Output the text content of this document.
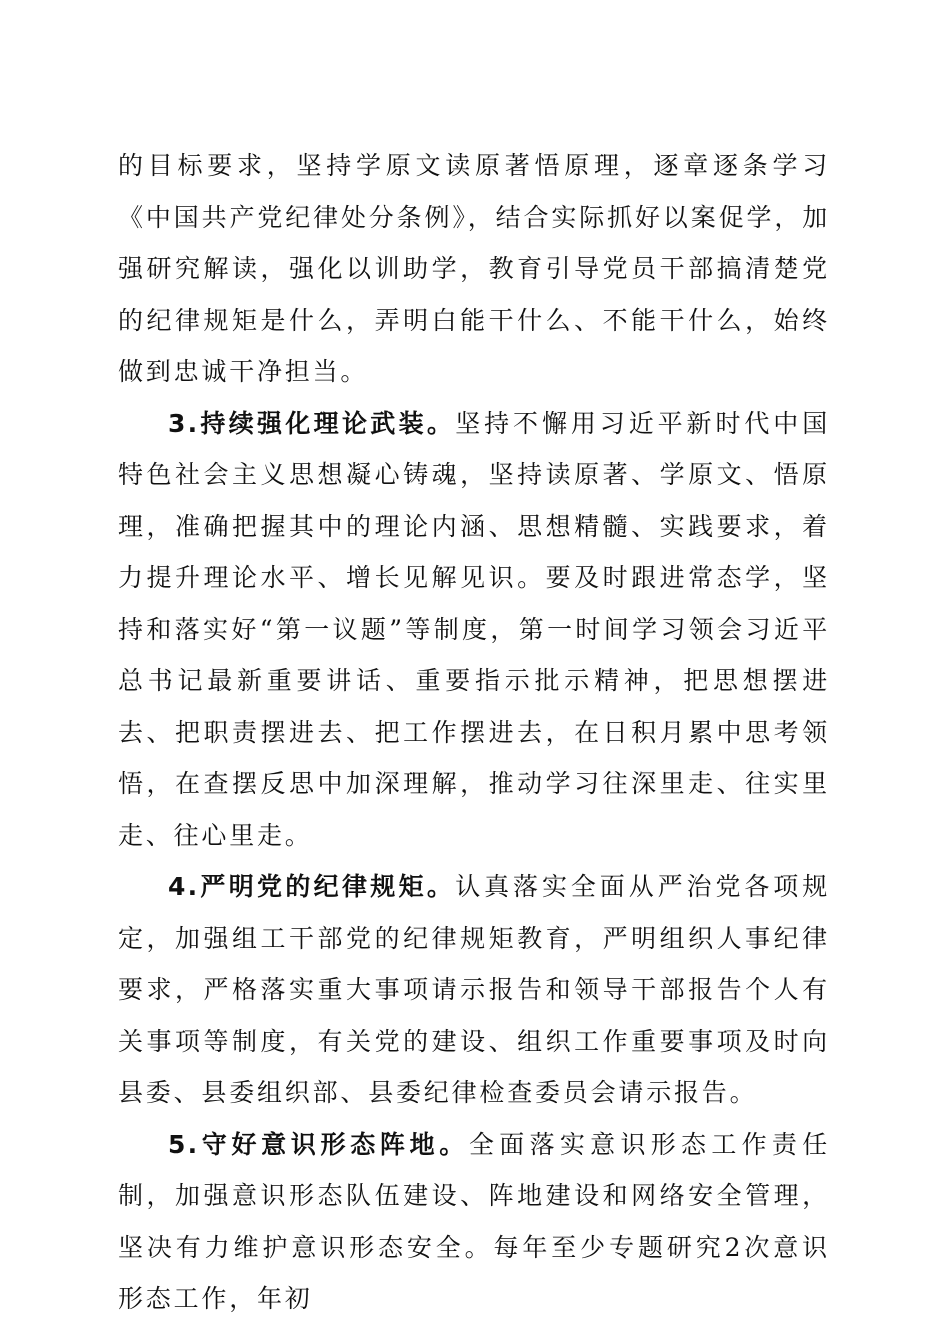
的目标要求，坚持学原文读原著悟原理，逐章逐条学习《中国共产党纪律处分条例》，结合实际抓好以案促学，加强研究解读，强化以训助学，教育引导党员干部搞清楚党的纪律规矩是什么，弄明白能干什么、不能干什么，始终做到忠诚干净担当。

3.持续强化理论武装。坚持不懈用习近平新时代中国特色社会主义思想凝心铸魂，坚持读原著、学原文、悟原理，准确把握其中的理论内涵、思想精髓、实践要求，着力提升理论水平、增长见解见识。要及时跟进常态学，坚持和落实好“第一议题”等制度，第一时间学习领会习近平总书记最新重要讲话、重要指示批示精神，把思想摆进去、把职责摆进去、把工作摆进去，在日积月累中思考领悟，在查摆反思中加深理解，推动学习往深里走、往实里走、往心里走。

4.严明党的纪律规矩。认真落实全面从严治党各项规定，加强组工干部党的纪律规矩教育，严明组织人事纪律要求，严格落实重大事项请示报告和领导干部报告个人有关事项等制度，有关党的建设、组织工作重要事项及时向县委、县委组织部、县委纪律检查委员会请示报告。

5.守好意识形态阵地。全面落实意识形态工作责任制，加强意识形态队伍建设、阵地建设和网络安全管理，坚决有力维护意识形态安全。每年至少专题研究2次意识形态工作，年初
